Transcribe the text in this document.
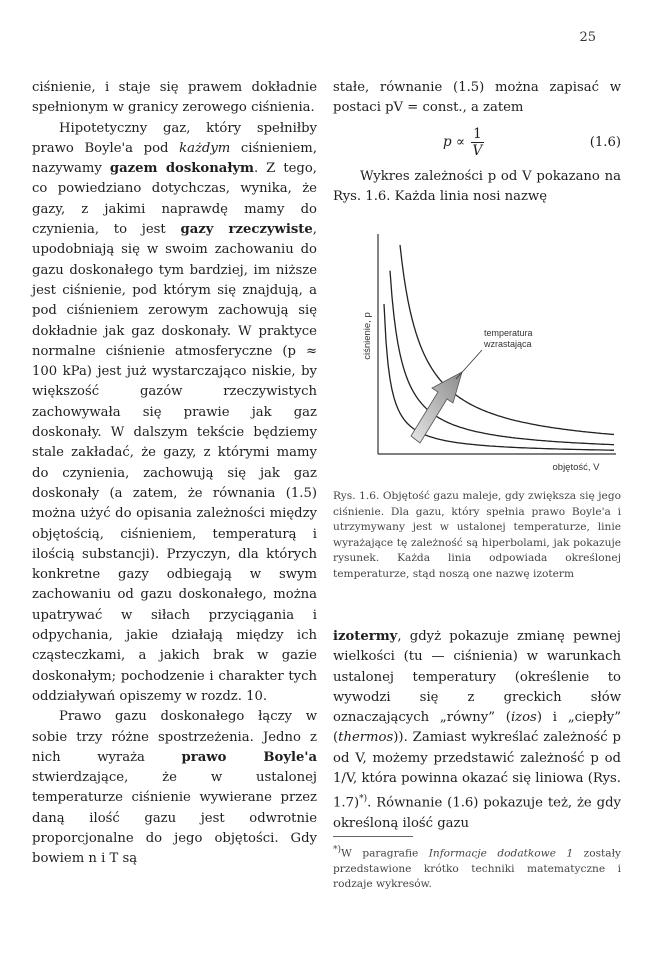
25

ciśnienie, i staje się prawem dokładnie spełnionym w granicy zerowego ciśnienia.

Hipotetyczny gaz, który spełniłby prawo Boyle'a pod każdym ciśnieniem, nazywamy gazem doskonałym. Z tego, co powiedziano dotychczas, wynika, że gazy, z jakimi naprawdę mamy do czynienia, to jest gazy rzeczywiste, upodobniają się w swoim zachowaniu do gazu doskonałego tym bardziej, im niższe jest ciśnienie, pod którym się znajdują, a pod ciśnieniem zerowym zachowują się dokładnie jak gaz doskonały. W praktyce normalne ciśnienie atmosferyczne (p ≈ 100 kPa) jest już wystarczająco niskie, by większość gazów rzeczywistych zachowywała się prawie jak gaz doskonały. W dalszym tekście będziemy stale zakładać, że gazy, z którymi mamy do czynienia, zachowują się jak gaz doskonały (a zatem, że równania (1.5) można użyć do opisania zależności między objętością, ciśnieniem, temperaturą i ilością substancji). Przyczyn, dla których konkretne gazy odbiegają w swym zachowaniu od gazu doskonałego, można upatrywać w siłach przyciągania i odpychania, jakie działają między ich cząsteczkami, a jakich brak w gazie doskonałym; pochodzenie i charakter tych oddziaływań opiszemy w rozdz. 10.

Prawo gazu doskonałego łączy w sobie trzy różne spostrzeżenia. Jedno z nich wyraża prawo Boyle'a stwierdzające, że w ustalonej temperaturze ciśnienie wywierane przez daną ilość gazu jest odwrotnie proporcjonalne do jego objętości. Gdy bowiem n i T są

stałe, równanie (1.5) można zapisać w postaci pV = const., a zatem

$p \propto \frac{1}{V}$	(1.6)

Wykres zależności p od V pokazano na Rys. 1.6. Każda linia nosi nazwę

temperatura
wzrastająca
ciśnienie, p
objętość, V
Rys. 1.6. Objętość gazu maleje, gdy zwiększa się jego ciśnienie. Dla gazu, który spełnia prawo Boyle'a i utrzymywany jest w ustalonej temperaturze, linie wyrażające tę zależność są hiperbolami, jak pokazuje rysunek. Każda linia odpowiada określonej temperaturze, stąd noszą one nazwę izoterm

izotermy, gdyż pokazuje zmianę pewnej wielkości (tu — ciśnienia) w warunkach ustalonej temperatury (określenie to wywodzi się z greckich słów oznaczających „równy” (izos) i „ciepły” (thermos)). Zamiast wykreślać zależność p od V, możemy przedstawić zależność p od 1/V, która powinna okazać się liniowa (Rys. 1.7)*). Równanie (1.6) pokazuje też, że gdy określoną ilość gazu

*)W paragrafie Informacje dodatkowe 1 zostały przedstawione krótko techniki matematyczne i rodzaje wykresów.
